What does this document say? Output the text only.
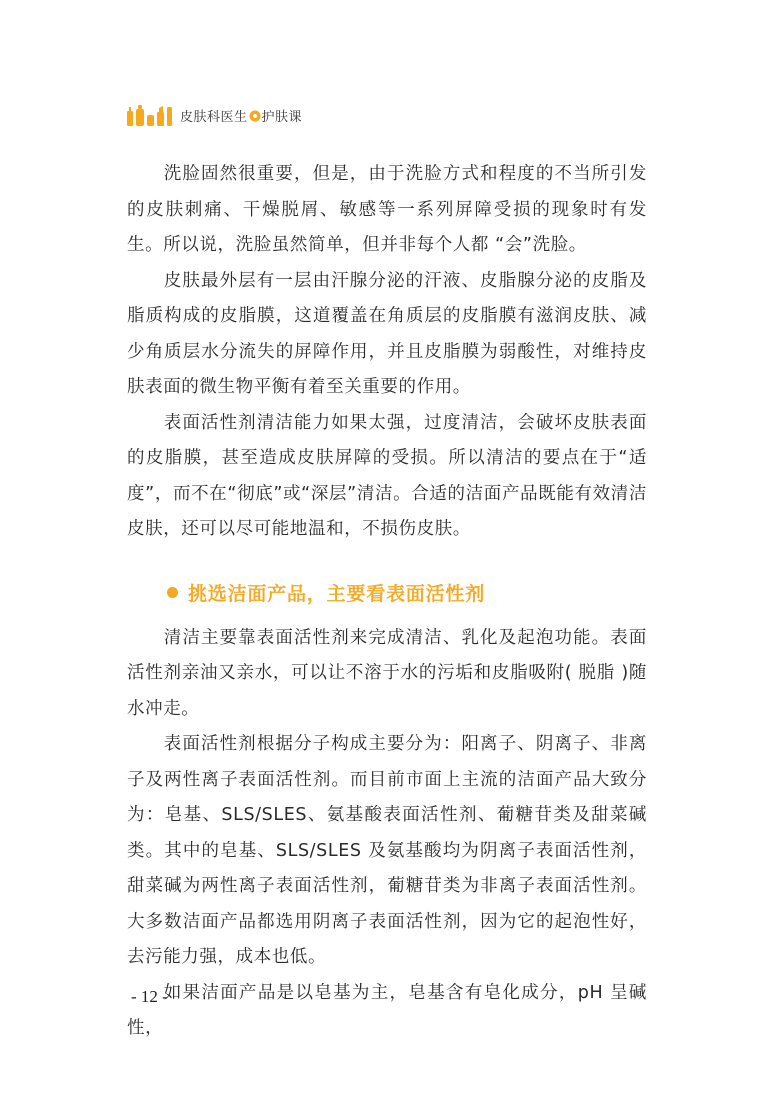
皮肤科医生 护肤课

洗脸固然很重要，但是，由于洗脸方式和程度的不当所引发的皮肤刺痛、干燥脱屑、敏感等一系列屏障受损的现象时有发生。所以说，洗脸虽然简单，但并非每个人都 “会”洗脸。

皮肤最外层有一层由汗腺分泌的汗液、皮脂腺分泌的皮脂及脂质构成的皮脂膜，这道覆盖在角质层的皮脂膜有滋润皮肤、减少角质层水分流失的屏障作用，并且皮脂膜为弱酸性，对维持皮肤表面的微生物平衡有着至关重要的作用。

表面活性剂清洁能力如果太强，过度清洁，会破坏皮肤表面的皮脂膜，甚至造成皮肤屏障的受损。所以清洁的要点在于“适度”，而不在“彻底”或“深层”清洁。合适的洁面产品既能有效清洁皮肤，还可以尽可能地温和，不损伤皮肤。

挑选洁面产品，主要看表面活性剂

清洁主要靠表面活性剂来完成清洁、乳化及起泡功能。表面活性剂亲油又亲水，可以让不溶于水的污垢和皮脂吸附( 脱脂 )随水冲走。

表面活性剂根据分子构成主要分为：阳离子、阴离子、非离子及两性离子表面活性剂。而目前市面上主流的洁面产品大致分为：皂基、SLS/SLES、氨基酸表面活性剂、葡糖苷类及甜菜碱类。其中的皂基、SLS/SLES 及氨基酸均为阴离子表面活性剂，甜菜碱为两性离子表面活性剂，葡糖苷类为非离子表面活性剂。大多数洁面产品都选用阴离子表面活性剂，因为它的起泡性好，去污能力强，成本也低。

如果洁面产品是以皂基为主，皂基含有皂化成分，pH 呈碱性，

- 12 -
